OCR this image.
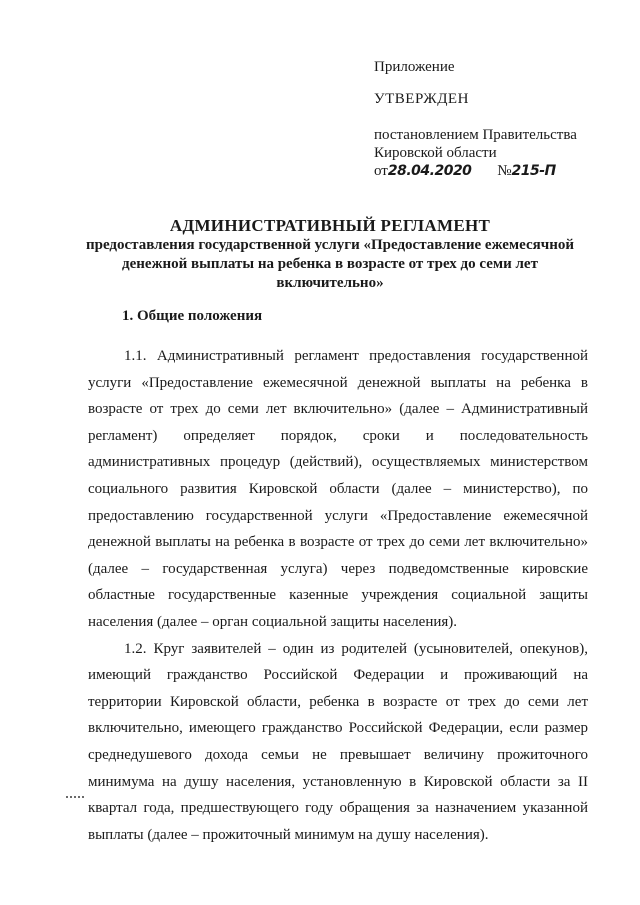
Приложение
УТВЕРЖДЕН
постановлением Правительства
Кировской области
от28.04.2020 №215-П
АДМИНИСТРАТИВНЫЙ РЕГЛАМЕНТ
предоставления государственной услуги «Предоставление ежемесячной
денежной выплаты на ребенка в возрасте от трех до семи лет
включительно»
1. Общие положения

1.1. Административный регламент предоставления государственной услуги «Предоставление ежемесячной денежной выплаты на ребенка в возрасте от трех до семи лет включительно» (далее – Административный регламент) определяет порядок, сроки и последовательность административных процедур (действий), осуществляемых министерством социального развития Кировской области (далее – министерство), по предоставлению государственной услуги «Предоставление ежемесячной денежной выплаты на ребенка в возрасте от трех до семи лет включительно» (далее – государственная услуга) через подведомственные кировские областные государственные казенные учреждения социальной защиты населения (далее – орган социальной защиты населения).

1.2. Круг заявителей – один из родителей (усыновителей, опекунов), имеющий гражданство Российской Федерации и проживающий на территории Кировской области, ребенка в возрасте от трех до семи лет включительно, имеющего гражданство Российской Федерации, если размер среднедушевого дохода семьи не превышает величину прожиточного минимума на душу населения, установленную в Кировской области за II квартал года, предшествующего году обращения за назначением указанной выплаты (далее – прожиточный минимум на душу населения).
